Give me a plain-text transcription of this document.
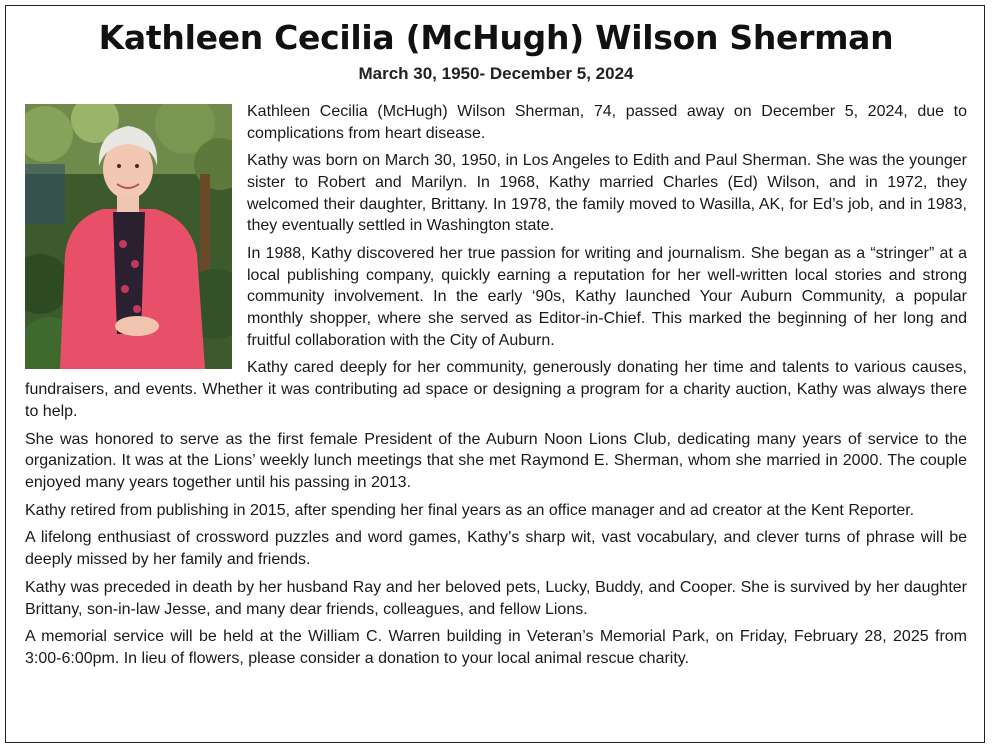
Kathleen Cecilia (McHugh) Wilson Sherman
March 30, 1950- December 5, 2024

Kathleen Cecilia (McHugh) Wilson Sherman, 74, passed away on December 5, 2024, due to complications from heart disease.

Kathy was born on March 30, 1950, in Los Angeles to Edith and Paul Sherman. She was the younger sister to Robert and Marilyn. In 1968, Kathy married Charles (Ed) Wilson, and in 1972, they welcomed their daughter, Brittany. In 1978, the family moved to Wasilla, AK, for Ed’s job, and in 1983, they eventually settled in Washington state.

In 1988, Kathy discovered her true passion for writing and journalism. She began as a “stringer” at a local publishing company, quickly earning a reputation for her well-written local stories and strong community involvement. In the early ‘90s, Kathy launched Your Auburn Community, a popular monthly shopper, where she served as Editor-in-Chief. This marked the beginning of her long and fruitful collaboration with the City of Auburn.

Kathy cared deeply for her community, generously donating her time and talents to various causes, fundraisers, and events. Whether it was contributing ad space or designing a program for a charity auction, Kathy was always there to help.

She was honored to serve as the first female President of the Auburn Noon Lions Club, dedicating many years of service to the organization. It was at the Lions’ weekly lunch meetings that she met Raymond E. Sherman, whom she married in 2000. The couple enjoyed many years together until his passing in 2013.

Kathy retired from publishing in 2015, after spending her final years as an office manager and ad creator at the Kent Reporter.

A lifelong enthusiast of crossword puzzles and word games, Kathy’s sharp wit, vast vocabulary, and clever turns of phrase will be deeply missed by her family and friends.

Kathy was preceded in death by her husband Ray and her beloved pets, Lucky, Buddy, and Cooper. She is survived by her daughter Brittany, son-in-law Jesse, and many dear friends, colleagues, and fellow Lions.

A memorial service will be held at the William C. Warren building in Veteran’s Memorial Park, on Friday, February 28, 2025 from 3:00-6:00pm. In lieu of flowers, please consider a donation to your local animal rescue charity.
